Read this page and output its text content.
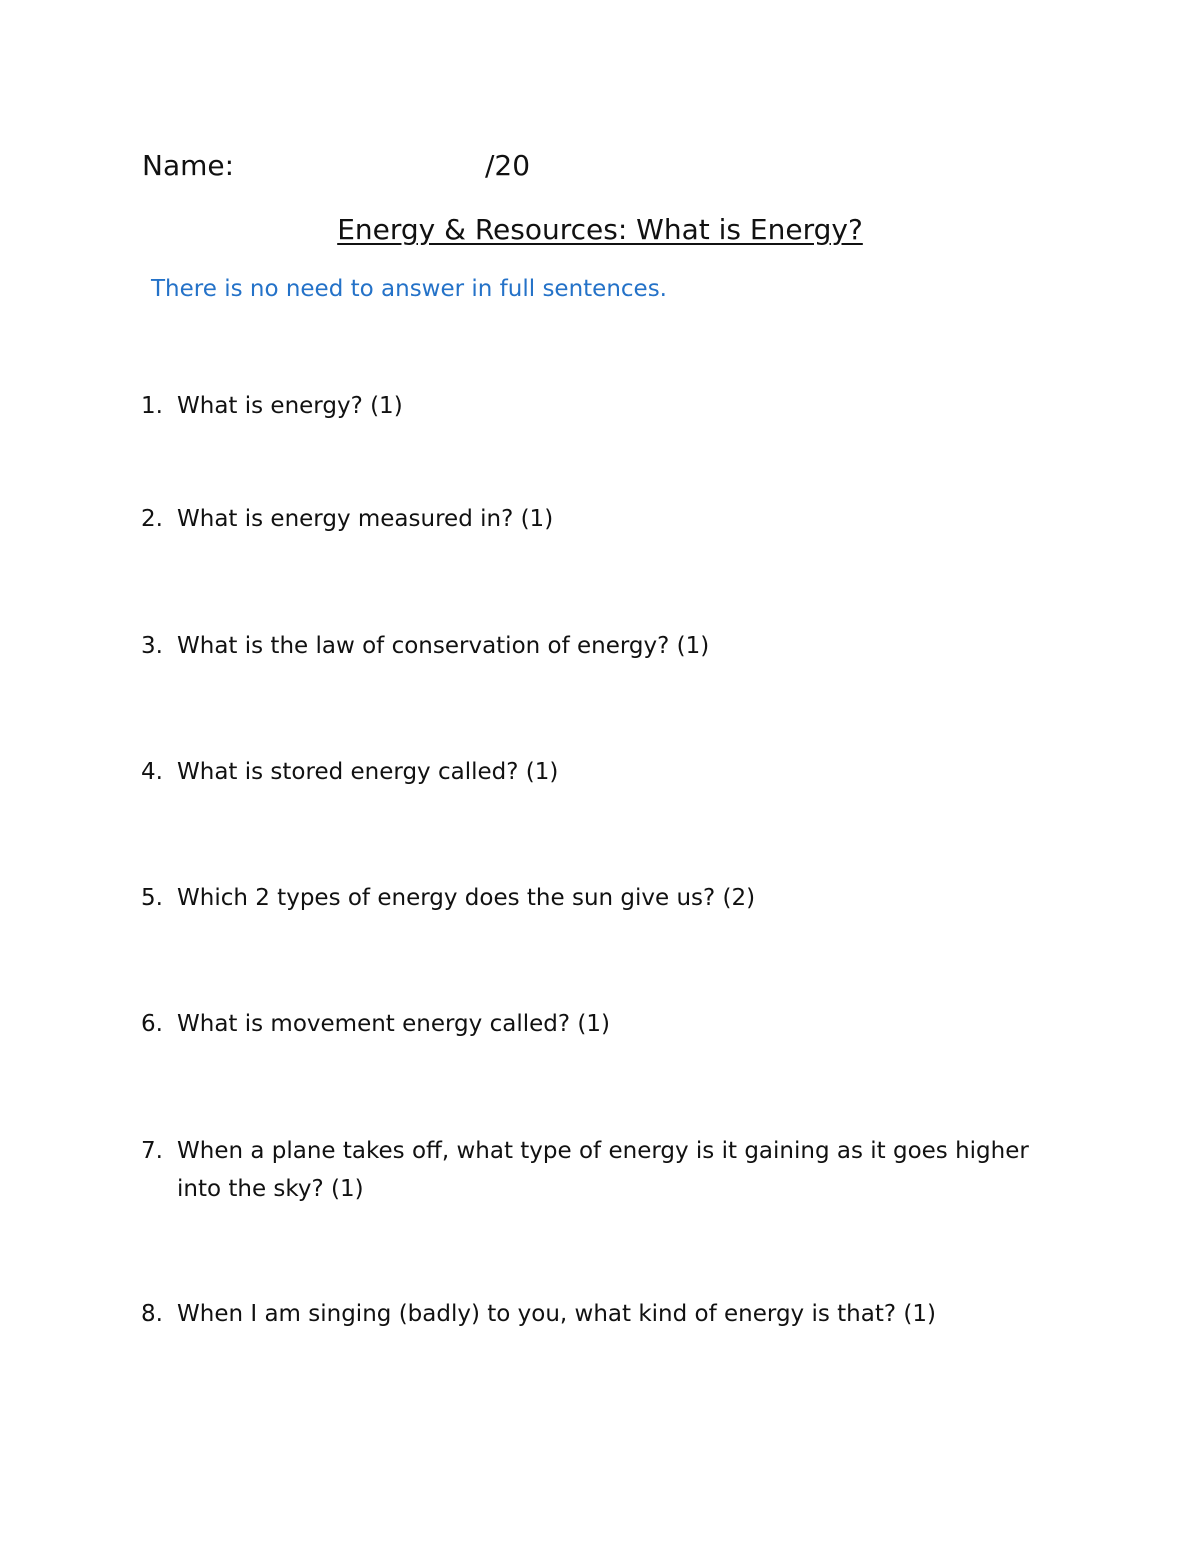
Name:	/20
Energy & Resources: What is Energy?
There is no need to answer in full sentences.
1. What is energy? (1)
2. What is energy measured in? (1)
3. What is the law of conservation of energy? (1)
4. What is stored energy called? (1)
5. Which 2 types of energy does the sun give us? (2)
6. What is movement energy called? (1)
7. When a plane takes off, what type of energy is it gaining as it goes higher into the sky? (1)
8. When I am singing (badly) to you, what kind of energy is that? (1)
